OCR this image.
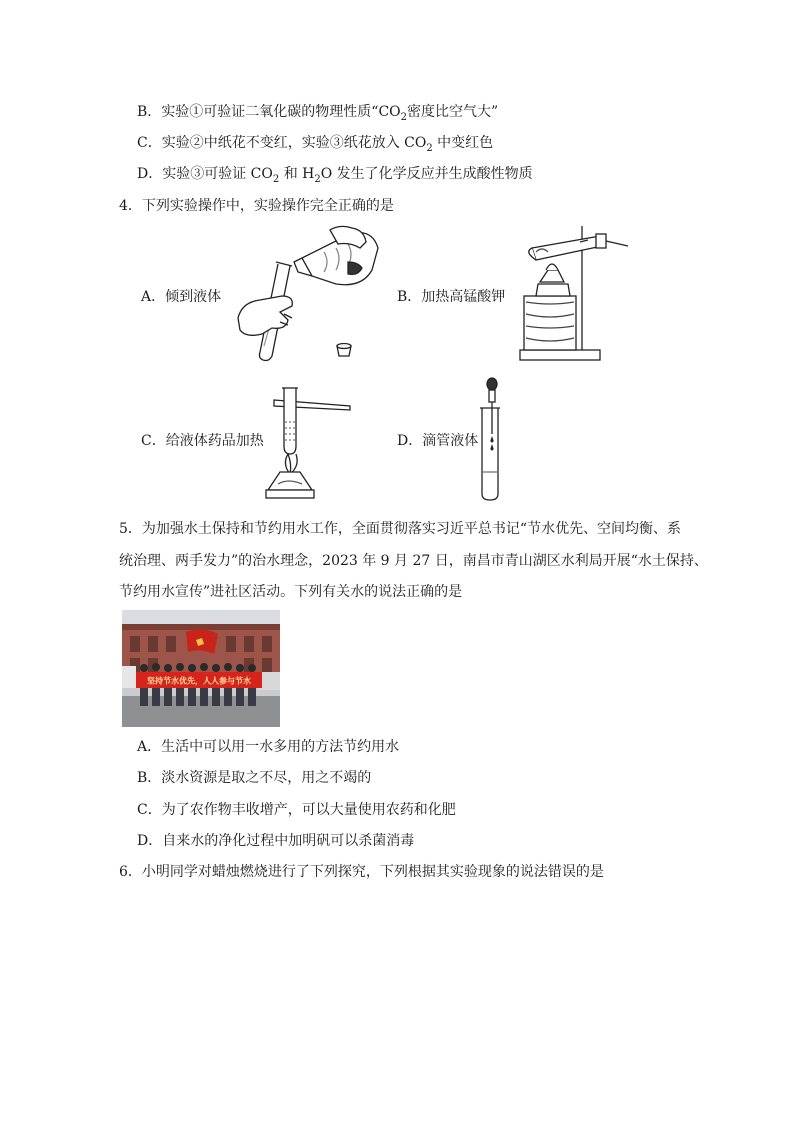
B．实验①可验证二氧化碳的物理性质“$CO_2$密度比空气大”
C．实验②中纸花不变红，实验③纸花放入 $CO_2$ 中变红色
D．实验③可验证 $CO_2$ 和 $H_2O$ 发生了化学反应并生成酸性物质
4．下列实验操作中，实验操作完全正确的是
A．倾到液体	B．加热高锰酸钾
C．给液体药品加热	D．滴管液体
5．为加强水土保持和节约用水工作，全面贯彻落实习近平总书记“节水优先、空间均衡、系
统治理、两手发力”的治水理念，2023 年 9 月 27 日，南昌市青山湖区水利局开展“水土保持、
节约用水宣传”进社区活动。下列有关水的说法正确的是
坚持节水优先，人人参与节水
A．生活中可以用一水多用的方法节约用水
B．淡水资源是取之不尽，用之不竭的
C．为了农作物丰收增产，可以大量使用农药和化肥
D．自来水的净化过程中加明矾可以杀菌消毒
6．小明同学对蜡烛燃烧进行了下列探究，下列根据其实验现象的说法错误的是
